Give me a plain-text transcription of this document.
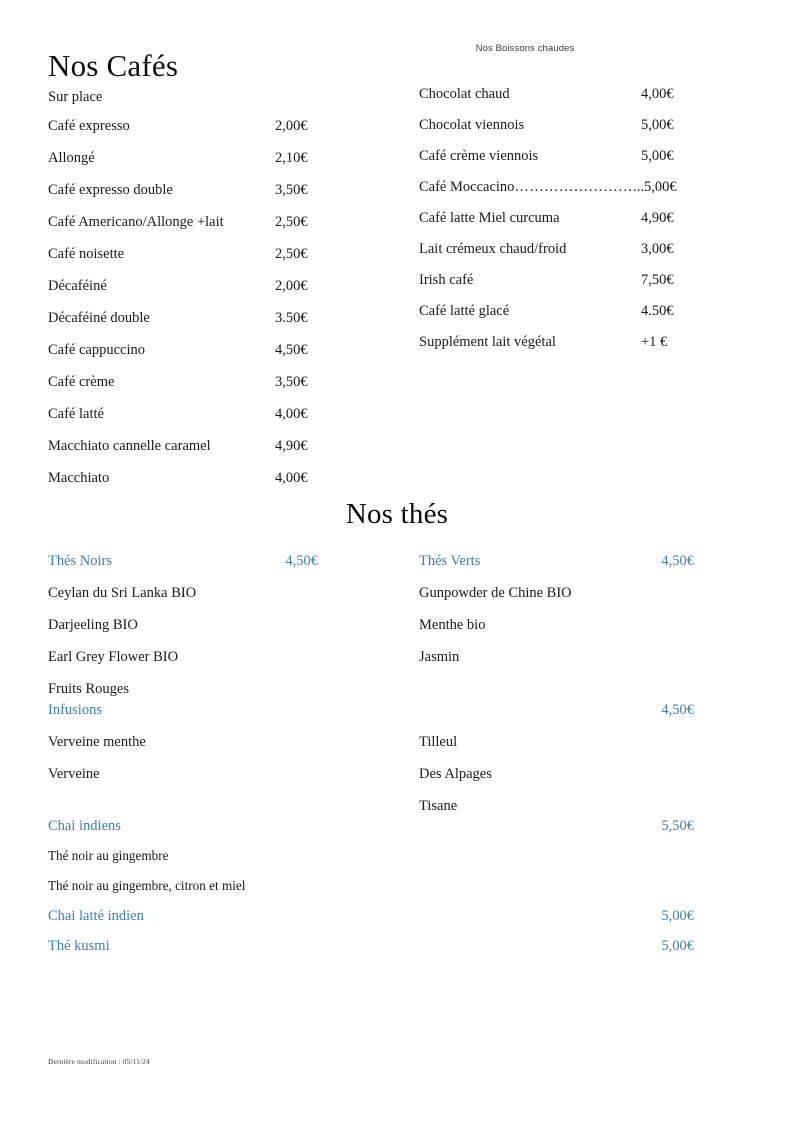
Nos Cafés

Sur place

Café expresso	2,00€
Allongé	2,10€
Café expresso double	3,50€
Café Americano/Allonge +lait	2,50€
Café noisette	2,50€
Décaféiné	2,00€
Décaféiné double	3.50€
Café cappuccino	4,50€
Café crème	3,50€
Café latté	4,00€
Macchiato cannelle caramel	4,90€
Macchiato	4,00€
Nos Boissons chaudes
Chocolat chaud	4,00€
Chocolat viennois	5,00€
Café crème viennois	5,00€
Café Moccacino ……………………. ..5,00€
Café latte Miel curcuma	4,90€
Lait crémeux chaud/froid	3,00€
Irish café	7,50€
Café latté glacé	4.50€
Supplément lait végétal	+1 €
Nos thés
Thés Noirs	4,50€
Ceylan du Sri Lanka BIO
Darjeeling BIO
Earl Grey Flower BIO
Fruits Rouges
Thés Verts	4,50€
Gunpowder de Chine BIO
Menthe bio
Jasmin
Infusions	4,50€
Verveine menthe
Verveine
Tilleul
Des Alpages
Tisane
Chai indiens	5,50€
Thé noir au gingembre
Thé noir au gingembre, citron et miel
Chai latté indien	5,00€
Thé kusmi	5,00€
Dernière modification : 05/11/24
